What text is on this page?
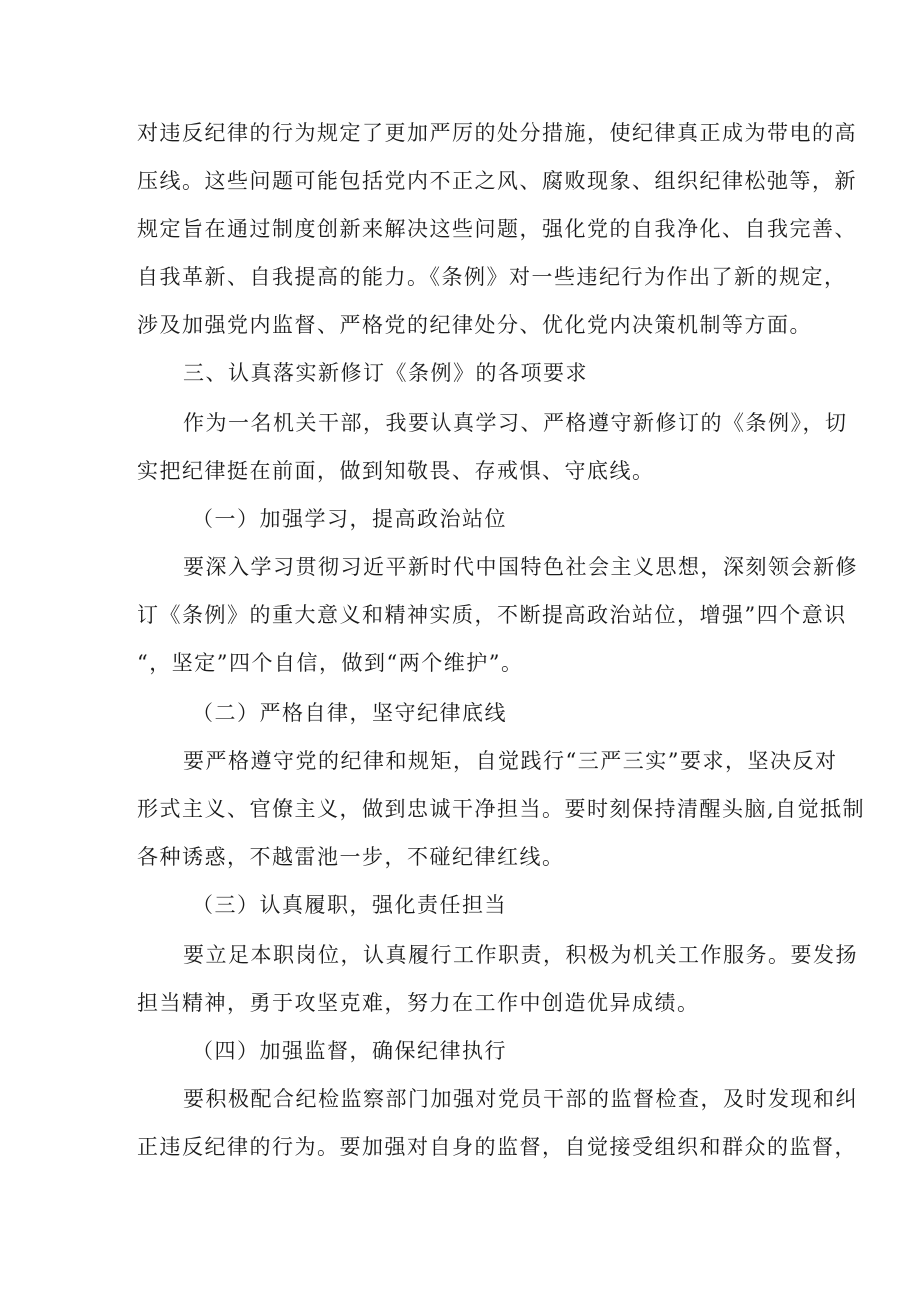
对违反纪律的行为规定了更加严厉的处分措施，使纪律真正成为带电的高
压线。这些问题可能包括党内不正之风、腐败现象、组织纪律松弛等，新
规定旨在通过制度创新来解决这些问题，强化党的自我净化、自我完善、
自我革新、自我提高的能力。《条例》对一些违纪行为作出了新的规定，
涉及加强党内监督、严格党的纪律处分、优化党内决策机制等方面。
三、认真落实新修订《条例》的各项要求
作为一名机关干部，我要认真学习、严格遵守新修订的《条例》，切
实把纪律挺在前面，做到知敬畏、存戒惧、守底线。
（一）加强学习，提高政治站位
要深入学习贯彻习近平新时代中国特色社会主义思想，深刻领会新修
订《条例》的重大意义和精神实质，不断提高政治站位，增强”四个意识
“，坚定”四个自信，做到“两个维护”。
（二）严格自律，坚守纪律底线
要严格遵守党的纪律和规矩，自觉践行“三严三实”要求，坚决反对
形式主义、官僚主义，做到忠诚干净担当。要时刻保持清醒头脑,自觉抵制
各种诱惑，不越雷池一步，不碰纪律红线。
（三）认真履职，强化责任担当
要立足本职岗位，认真履行工作职责，积极为机关工作服务。要发扬
担当精神，勇于攻坚克难，努力在工作中创造优异成绩。
（四）加强监督，确保纪律执行
要积极配合纪检监察部门加强对党员干部的监督检查，及时发现和纠
正违反纪律的行为。要加强对自身的监督，自觉接受组织和群众的监督，
